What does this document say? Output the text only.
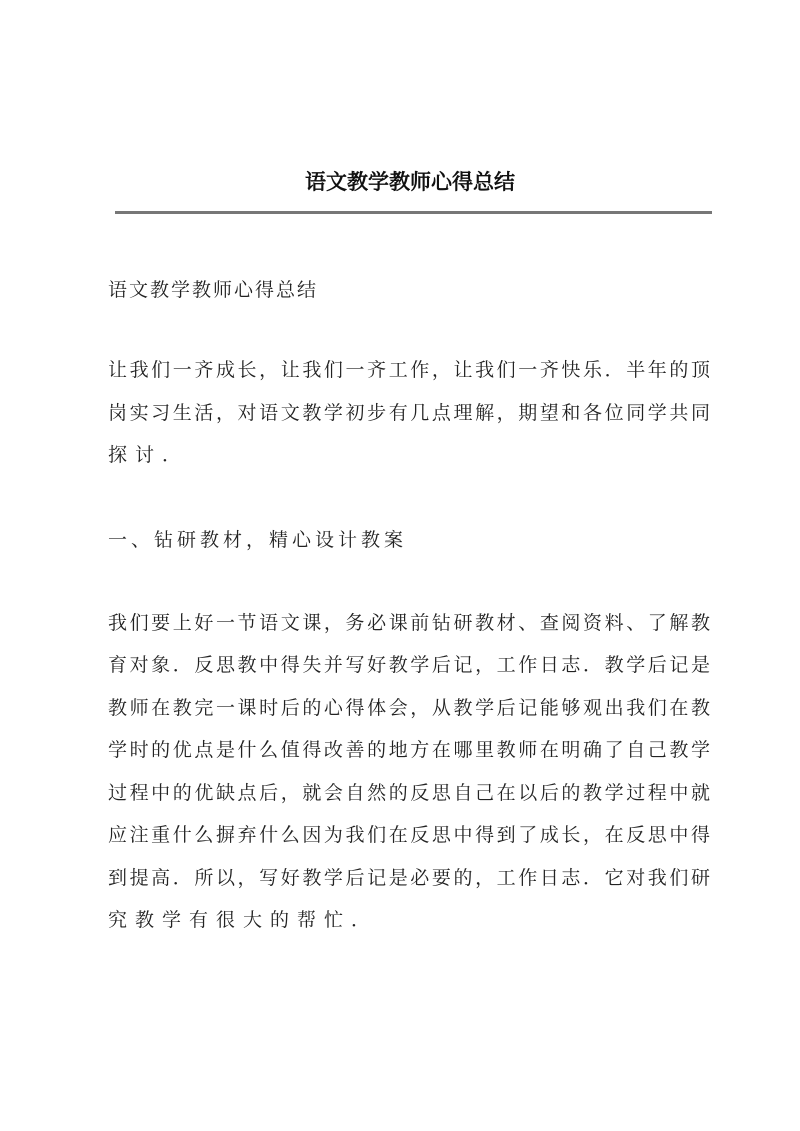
语文教学教师心得总结
语文教学教师心得总结
让我们一齐成长，让我们一齐工作，让我们一齐快乐．半年的顶
岗实习生活，对语文教学初步有几点理解，期望和各位同学共同
探讨．
一、钻研教材，精心设计教案
我们要上好一节语文课，务必课前钻研教材、查阅资料、了解教
育对象．反思教中得失并写好教学后记，工作日志．教学后记是
教师在教完一课时后的心得体会，从教学后记能够观出我们在教
学时的优点是什么值得改善的地方在哪里教师在明确了自己教学
过程中的优缺点后，就会自然的反思自己在以后的教学过程中就
应注重什么摒弃什么因为我们在反思中得到了成长，在反思中得
到提高．所以，写好教学后记是必要的，工作日志．它对我们研
究教学有很大的帮忙．
